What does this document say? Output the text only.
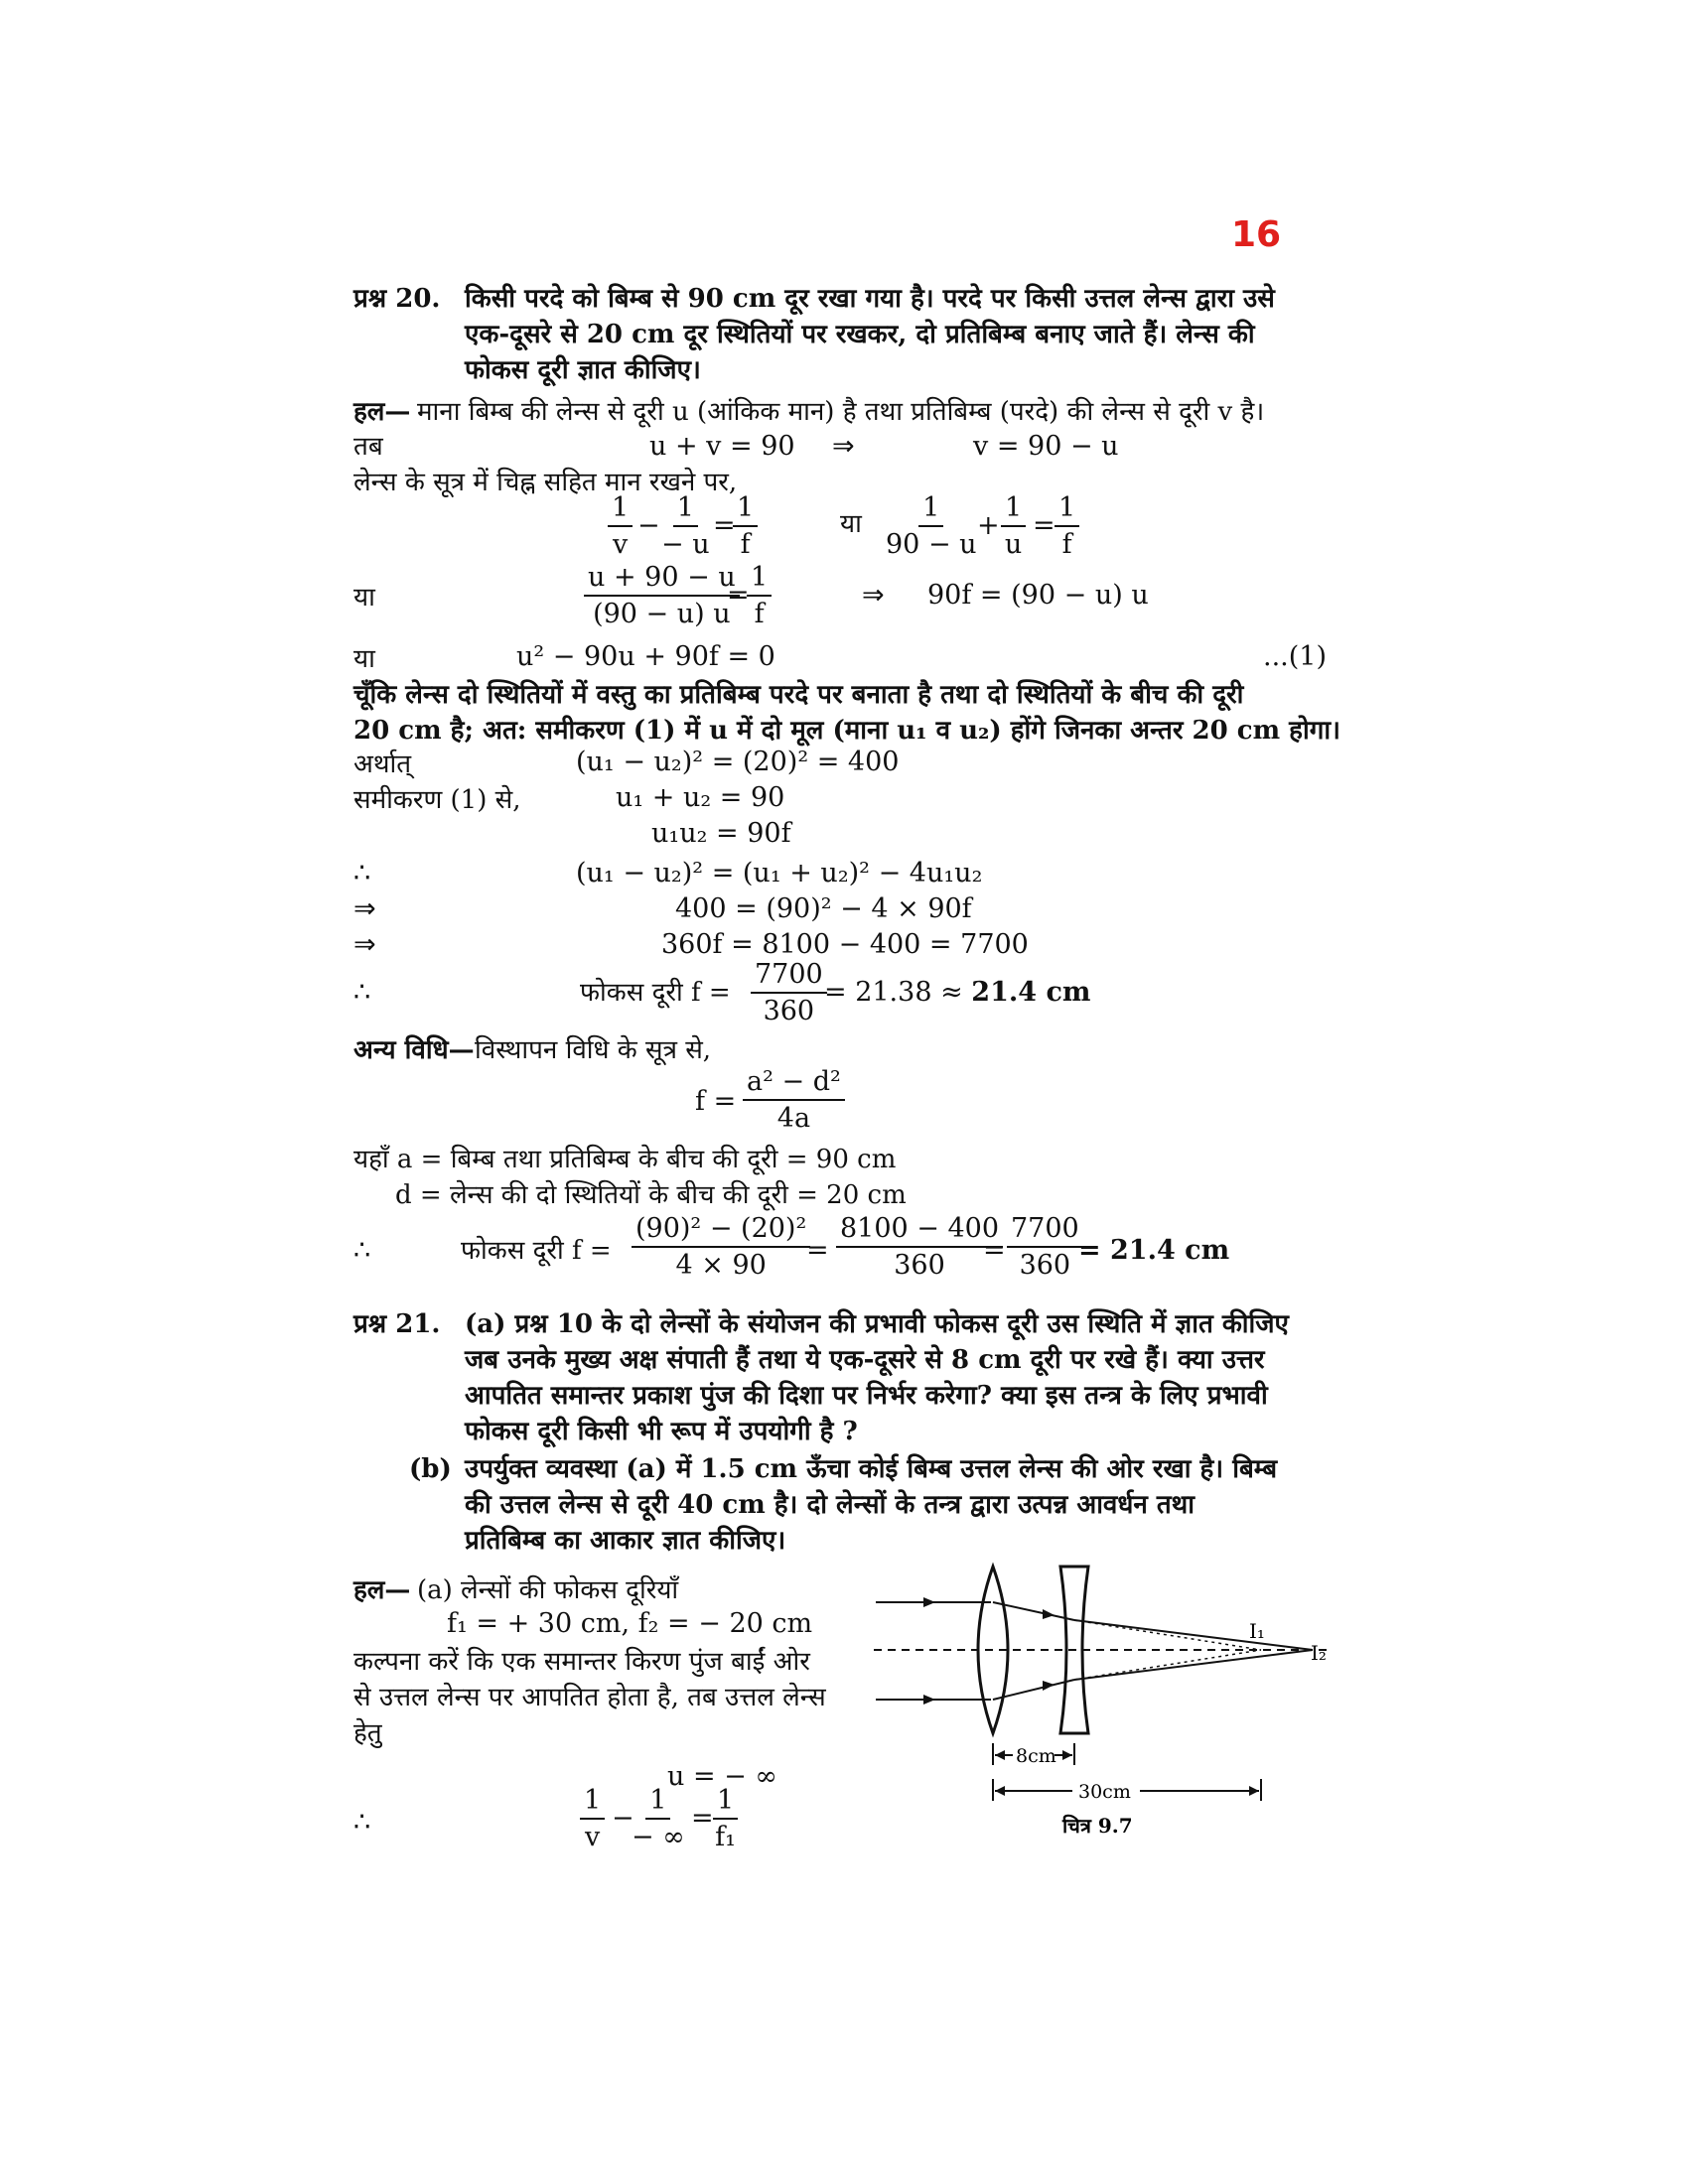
16
प्रश्न 20. किसी परदे को बिम्ब से 90 cm दूर रखा गया है। परदे पर किसी उत्तल लेन्स द्वारा उसे
एक-दूसरे से 20 cm दूर स्थितियों पर रखकर, दो प्रतिबिम्ब बनाए जाते हैं। लेन्स की
फोकस दूरी ज्ञात कीजिए।
हल— माना बिम्ब की लेन्स से दूरी u (आंकिक मान) है तथा प्रतिबिम्ब (परदे) की लेन्स से दूरी v है।
तब	u + v = 90 ⇒	v = 90 − u
लेन्स के सूत्र में चिह्न सहित मान रखने पर,
$\frac{1}{v} - \frac{1}{- u}$ =
$\frac{1}{f}$	या $\frac{1}{90 - u} + \frac{1}{u} = \frac{1}{f}$
या	$\frac{u + 90 - u}{(90 - u) u}$
=
$\frac{1}{f}$	⇒ 90f = (90 − u) u
या	u² − 90u + 90f = 0	...(1)
चूँकि लेन्स दो स्थितियों में वस्तु का प्रतिबिम्ब परदे पर बनाता है तथा दो स्थितियों के बीच की दूरी
20 cm है; अत: समीकरण (1) में u में दो मूल (माना u₁ व u₂) होंगे जिनका अन्तर 20 cm होगा।
अर्थात्	(u₁ − u₂)² = (20)² = 400
समीकरण (1) से,	u₁ + u₂ = 90
u₁u₂ = 90f
∴	(u₁ − u₂)² = (u₁ + u₂)² − 4u₁u₂
⇒	400 = (90)² − 4 × 90f
⇒	360f = 8100 − 400 = 7700
∴	फोकस दूरी $f = \frac{7700}{360}$
= 21.38 ≈ 21.4 cm
अन्य विधि— विस्थापन विधि के सूत्र से,
$f = \frac{\text{a² − d²}}{4a}$
यहाँ a = बिम्ब तथा प्रतिबिम्ब के बीच की दूरी = 90 cm
d = लेन्स की दो स्थितियों के बीच की दूरी = 20 cm
∴	फोकस दूरी $f = \frac{\text{(90)² − (20)²}}{4 \times 90}$
= $\frac{8100 - 400}{360}$
= $\frac{7700}{360}$
= 21.4 cm
प्रश्न 21. (a) प्रश्न 10 के दो लेन्सों के संयोजन की प्रभावी फोकस दूरी उस स्थिति में ज्ञात कीजिए
जब उनके मुख्य अक्ष संपाती हैं तथा ये एक-दूसरे से 8 cm दूरी पर रखे हैं। क्या उत्तर
आपतित समान्तर प्रकाश पुंज की दिशा पर निर्भर करेगा? क्या इस तन्त्र के लिए प्रभावी
फोकस दूरी किसी भी रूप में उपयोगी है ?
(b) उपर्युक्त व्यवस्था (a) में 1.5 cm ऊँचा कोई बिम्ब उत्तल लेन्स की ओर रखा है। बिम्ब
की उत्तल लेन्स से दूरी 40 cm है। दो लेन्सों के तन्त्र द्वारा उत्पन्न आवर्धन तथा
प्रतिबिम्ब का आकार ज्ञात कीजिए।
हल— (a) लेन्सों की फोकस दूरियाँ
f₁ = + 30 cm, f₂ = − 20 cm
कल्पना करें कि एक समान्तर किरण पुंज बाईं ओर
से उत्तल लेन्स पर आपतित होता है, तब उत्तल लेन्स
हेतु
u = − ∞
∴	$\frac{1}{v}$ −
1
− ∞
= $\frac{1}{\text{f₁}}$
I₁
I₂
8cm
30cm
चित्र 9.7
